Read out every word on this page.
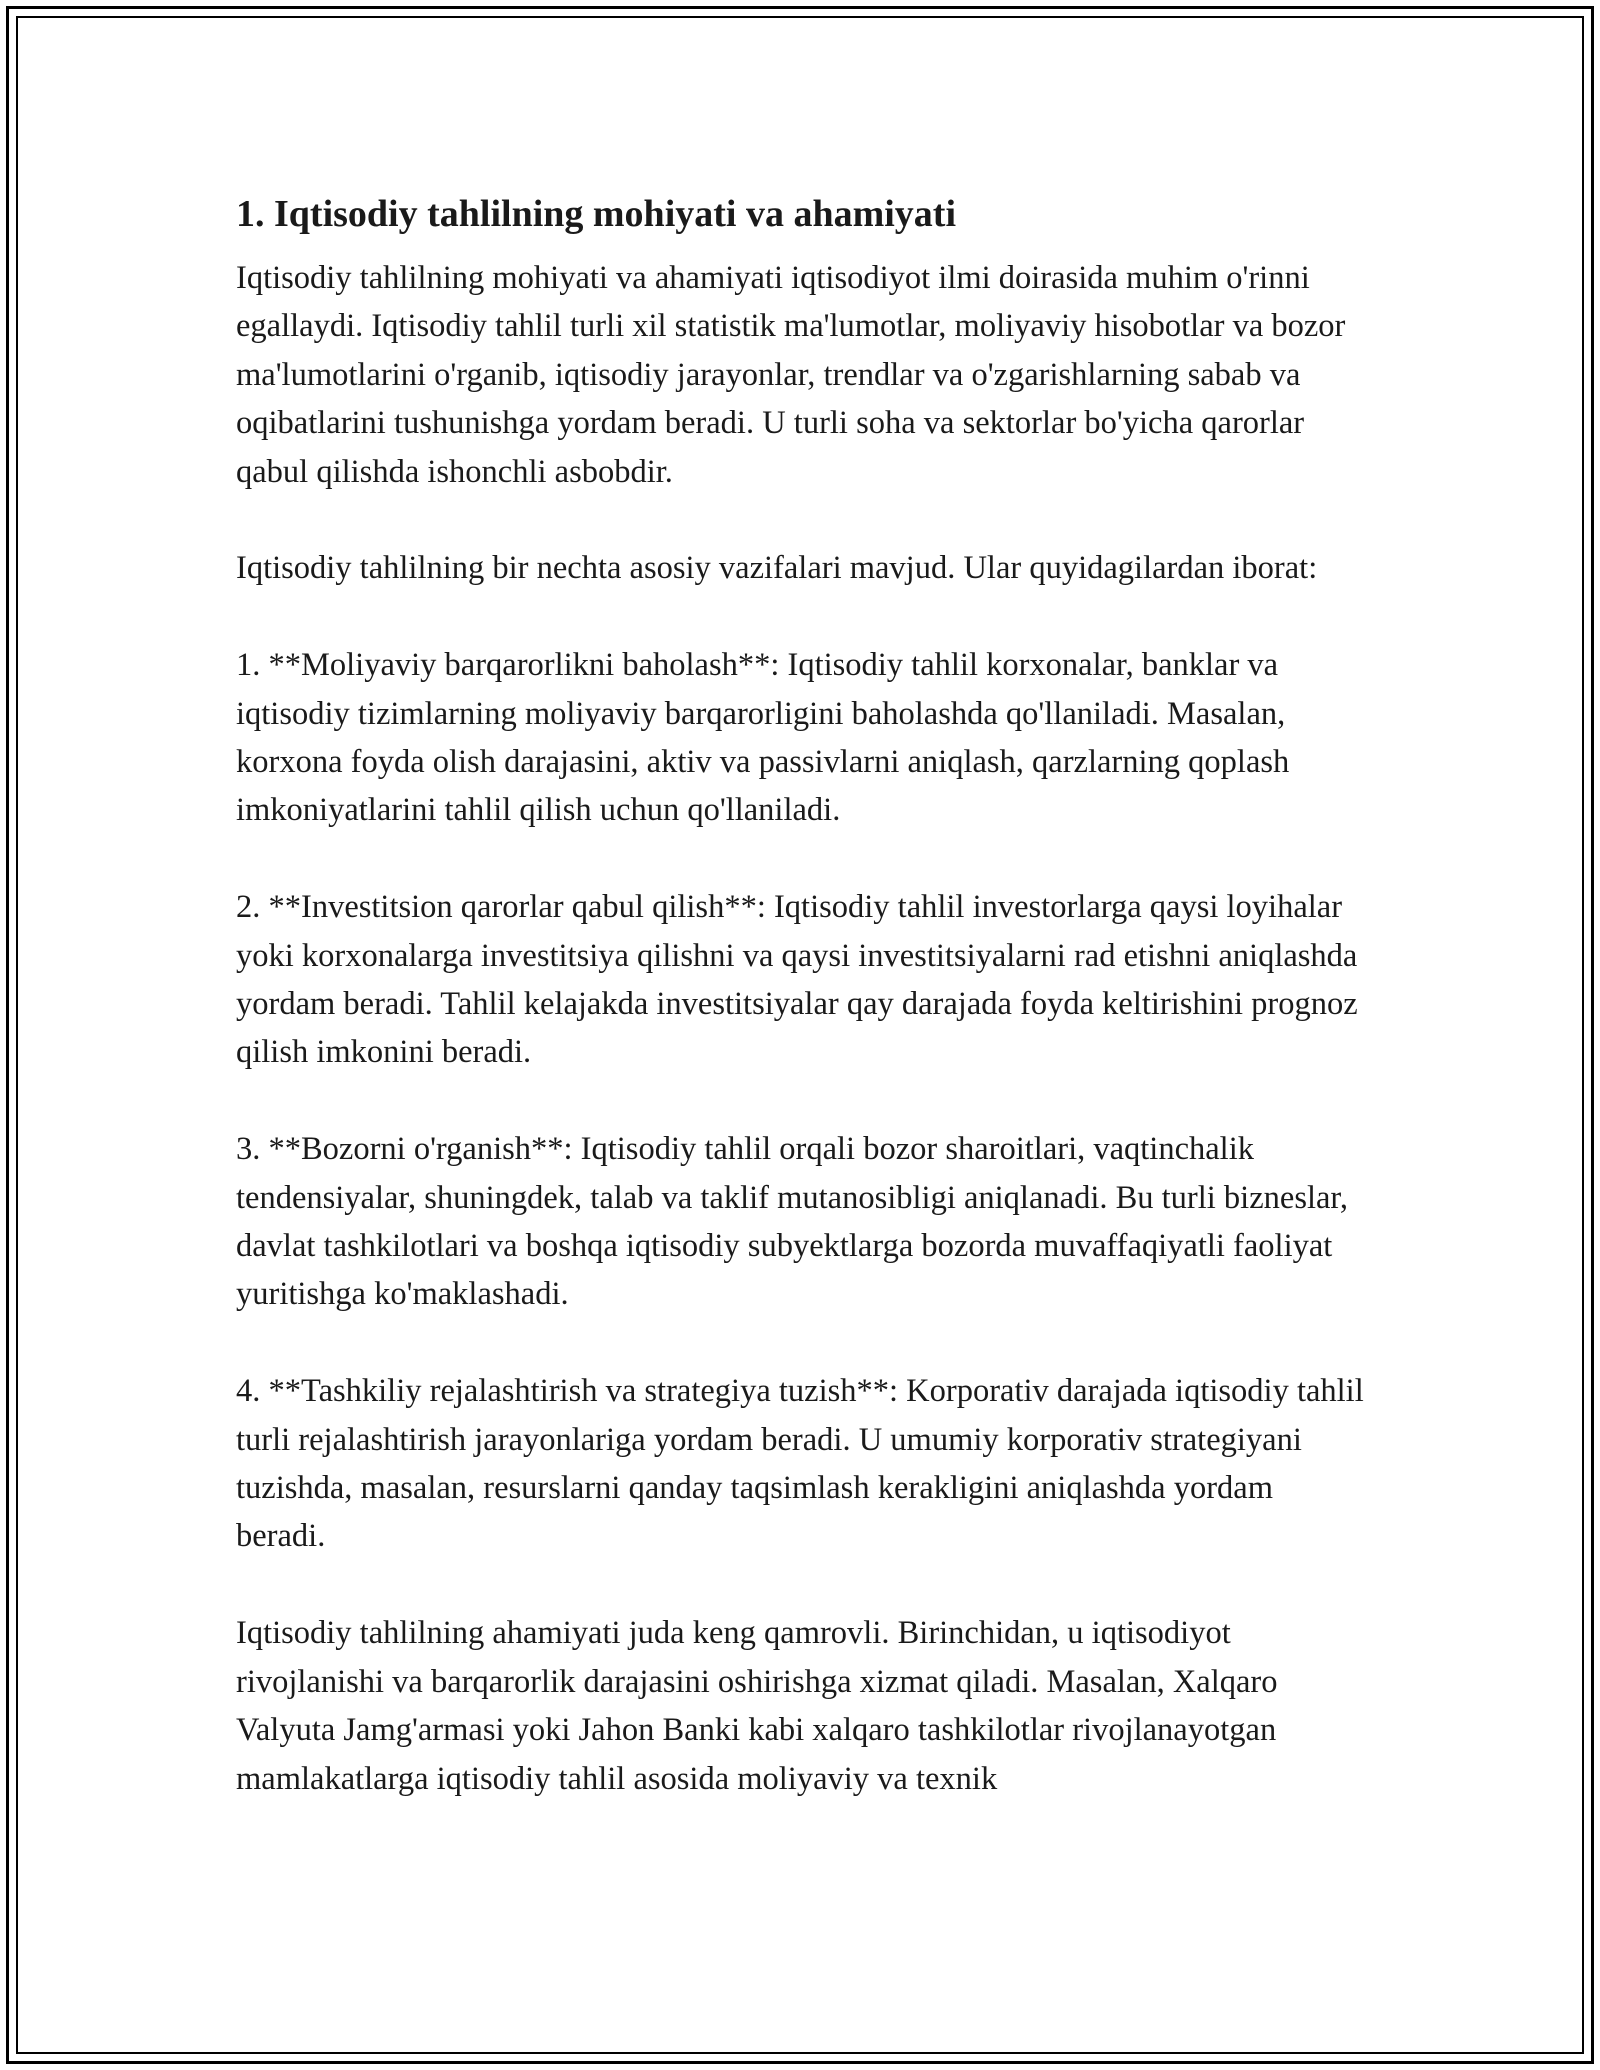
1. Iqtisodiy tahlilning mohiyati va ahamiyati

Iqtisodiy tahlilning mohiyati va ahamiyati iqtisodiyot ilmi doirasida muhim o'rinni egallaydi. Iqtisodiy tahlil turli xil statistik ma'lumotlar, moliyaviy hisobotlar va bozor ma'lumotlarini o'rganib, iqtisodiy jarayonlar, trendlar va o'zgarishlarning sabab va oqibatlarini tushunishga yordam beradi. U turli soha va sektorlar bo'yicha qarorlar qabul qilishda ishonchli asbobdir.

Iqtisodiy tahlilning bir nechta asosiy vazifalari mavjud. Ular quyidagilardan iborat:

1. **Moliyaviy barqarorlikni baholash**: Iqtisodiy tahlil korxonalar, banklar va iqtisodiy tizimlarning moliyaviy barqarorligini baholashda qo'llaniladi. Masalan, korxona foyda olish darajasini, aktiv va passivlarni aniqlash, qarzlarning qoplash imkoniyatlarini tahlil qilish uchun qo'llaniladi.

2. **Investitsion qarorlar qabul qilish**: Iqtisodiy tahlil investorlarga qaysi loyihalar yoki korxonalarga investitsiya qilishni va qaysi investitsiyalarni rad etishni aniqlashda yordam beradi. Tahlil kelajakda investitsiyalar qay darajada foyda keltirishini prognoz qilish imkonini beradi.

3. **Bozorni o'rganish**: Iqtisodiy tahlil orqali bozor sharoitlari, vaqtinchalik tendensiyalar, shuningdek, talab va taklif mutanosibligi aniqlanadi. Bu turli bizneslar, davlat tashkilotlari va boshqa iqtisodiy subyektlarga bozorda muvaffaqiyatli faoliyat yuritishga ko'maklashadi.

4. **Tashkiliy rejalashtirish va strategiya tuzish**: Korporativ darajada iqtisodiy tahlil turli rejalashtirish jarayonlariga yordam beradi. U umumiy korporativ strategiyani tuzishda, masalan, resurslarni qanday taqsimlash kerakligini aniqlashda yordam beradi.

Iqtisodiy tahlilning ahamiyati juda keng qamrovli. Birinchidan, u iqtisodiyot rivojlanishi va barqarorlik darajasini oshirishga xizmat qiladi. Masalan, Xalqaro Valyuta Jamg'armasi yoki Jahon Banki kabi xalqaro tashkilotlar rivojlanayotgan mamlakatlarga iqtisodiy tahlil asosida moliyaviy va texnik
